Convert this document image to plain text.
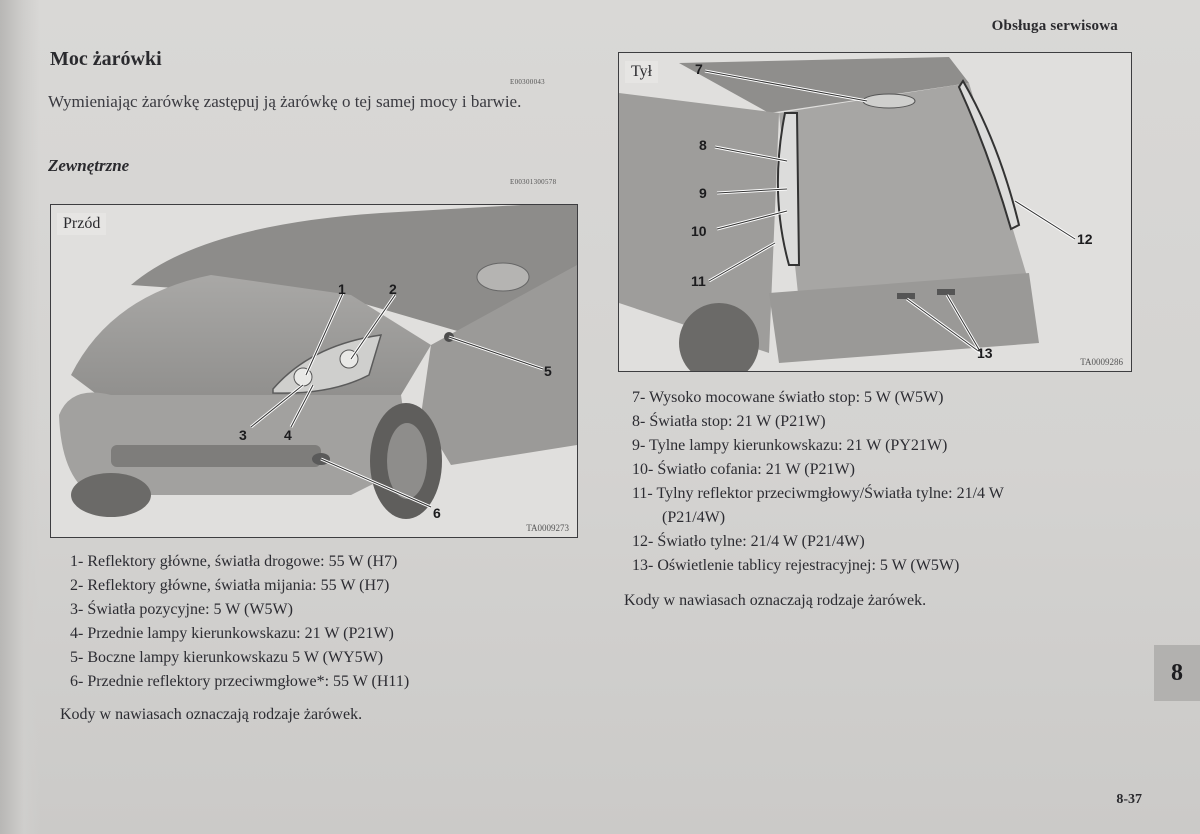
Obsługa serwisowa
Moc żarówki
E00300043
Wymieniając żarówkę zastępuj ją żarówkę o tej samej mocy i barwie.
Zewnętrzne
E00301300578
Przód
1	2
3	4
5
6
TA0009273
Tył	7
8
9
10
11
12
13
TA0009286
1- Reflektory główne, światła drogowe: 55 W (H7)
2- Reflektory główne, światła mijania: 55 W (H7)
3- Światła pozycyjne: 5 W (W5W)
4- Przednie lampy kierunkowskazu: 21 W (P21W)
5- Boczne lampy kierunkowskazu 5 W (WY5W)
6- Przednie reflektory przeciwmgłowe*: 55 W (H11)
Kody w nawiasach oznaczają rodzaje żarówek.
7- Wysoko mocowane światło stop: 5 W (W5W)
8- Światła stop: 21 W (P21W)
9- Tylne lampy kierunkowskazu: 21 W (PY21W)
10- Światło cofania: 21 W (P21W)
11- Tylny reflektor przeciwmgłowy/Światła tylne: 21/4 W
(P21/4W)
12- Światło tylne: 21/4 W (P21/4W)
13- Oświetlenie tablicy rejestracyjnej: 5 W (W5W)
Kody w nawiasach oznaczają rodzaje żarówek.
8
8-37
